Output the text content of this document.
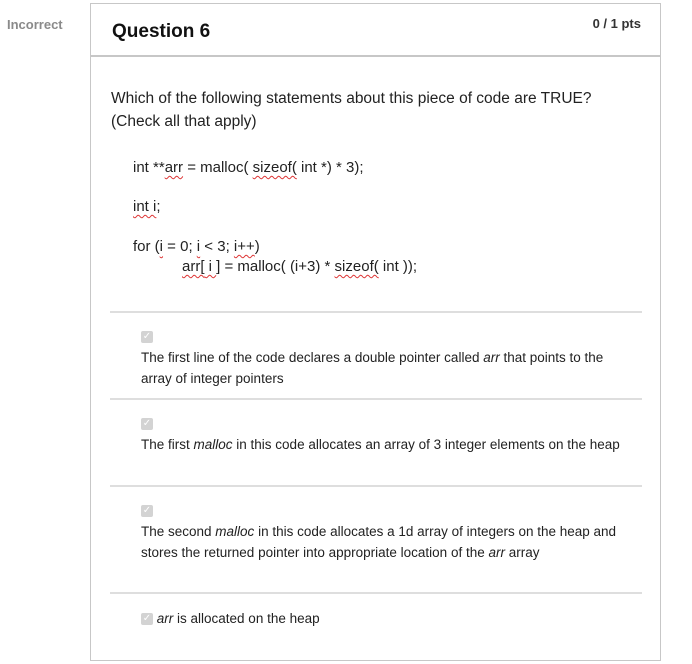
Incorrect	Question 6	0 / 1 pts
Which of the following statements about this piece of code are TRUE?
(Check all that apply)
int **arr = malloc( sizeof( int *) * 3);
int i;
for (i = 0; i < 3; i++)
arr[ i ] = malloc( (i+3) * sizeof( int ));
✓
The first line of the code declares a double pointer called arr that points to the array of integer pointers
✓
The first malloc in this code allocates an array of 3 integer elements on the heap
✓
The second malloc in this code allocates a 1d array of integers on the heap and stores the returned pointer into appropriate location of the arr array
✓ arr is allocated on the heap
